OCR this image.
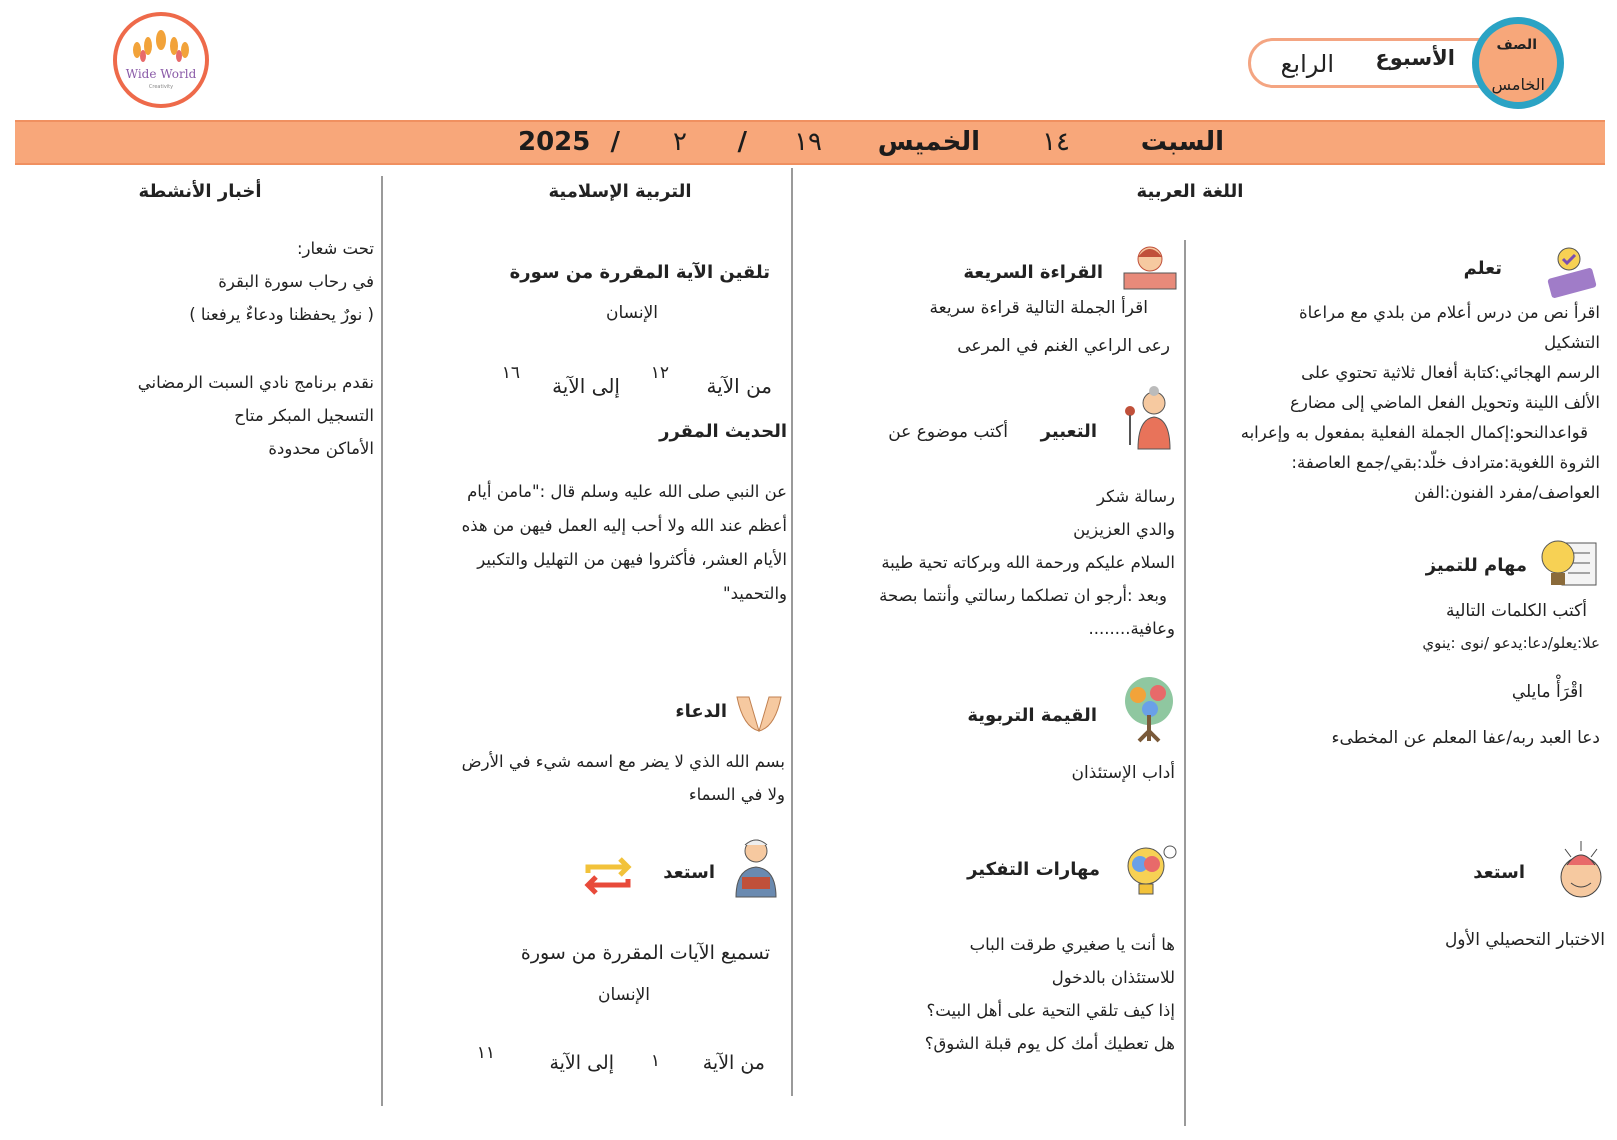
Wide World
Creativity
الأسبوع
الرابع
الصف
الخامس
السبت
١٤
الخميس
١٩
/
٢
/
2025
اللغة العربية
التربية الإسلامية
أخبار الأنشطة
تعلم
اقرأ نص من درس أعلام من بلدي مع مراعاة
التشكيل
الرسم الهجائي:كتابة أفعال ثلاثية تحتوي على
الألف اللينة وتحويل الفعل الماضي إلى مضارع
قواعدالنحو:إكمال الجملة الفعلية بمفعول به وإعرابه
الثروة اللغوية:مترادف خلّد:بقي/جمع العاصفة:
العواصف/مفرد الفنون:الفن
مهام للتميز
أكتب الكلمات التالية
علا:يعلو/دعا:يدعو /نوى :ينوي
اقْرَأْ مايلي
دعا العبد ربه/عفا المعلم عن المخطىء
استعد
الاختبار التحصيلي الأول
القراءة السريعة
اقرأ الجملة التالية قراءة سريعة
رعى الراعي الغنم في المرعى
التعبير
أكتب موضوع عن
رسالة شكر
والدي العزيزين
السلام عليكم ورحمة الله وبركاته تحية طيبة
وبعد :أرجو ان تصلكما رسالتي وأنتما بصحة
وعافية........
القيمة التربوية
أداب الإستئذان
مهارات التفكير
ها أنت يا صغيري طرقت الباب
للاستئذان بالدخول
إذا كيف تلقي التحية على أهل البيت؟
هل تعطيك أمك كل يوم قبلة الشوق؟
تلقين الآية المقررة من سورة
الإنسان
من الآية
١٢
إلى الآية
١٦
الحديث المقرر
عن النبي صلى الله عليه وسلم قال :"مامن أيام
أعظم عند الله ولا أحب إليه العمل فيهن من هذه
الأيام العشر، فأكثروا فيهن من التهليل والتكبير
والتحميد"
الدعاء
بسم الله الذي لا يضر مع اسمه شيء في الأرض
ولا في السماء
استعد
تسميع الآيات المقررة من سورة
الإنسان
من الآية
١
إلى الآية
١١
تحت شعار:
في رحاب سورة البقرة
( نورٌ يحفظنا ودعاءٌ يرفعنا )
نقدم برنامج نادي السبت الرمضاني
التسجيل المبكر متاح
الأماكن محدودة
